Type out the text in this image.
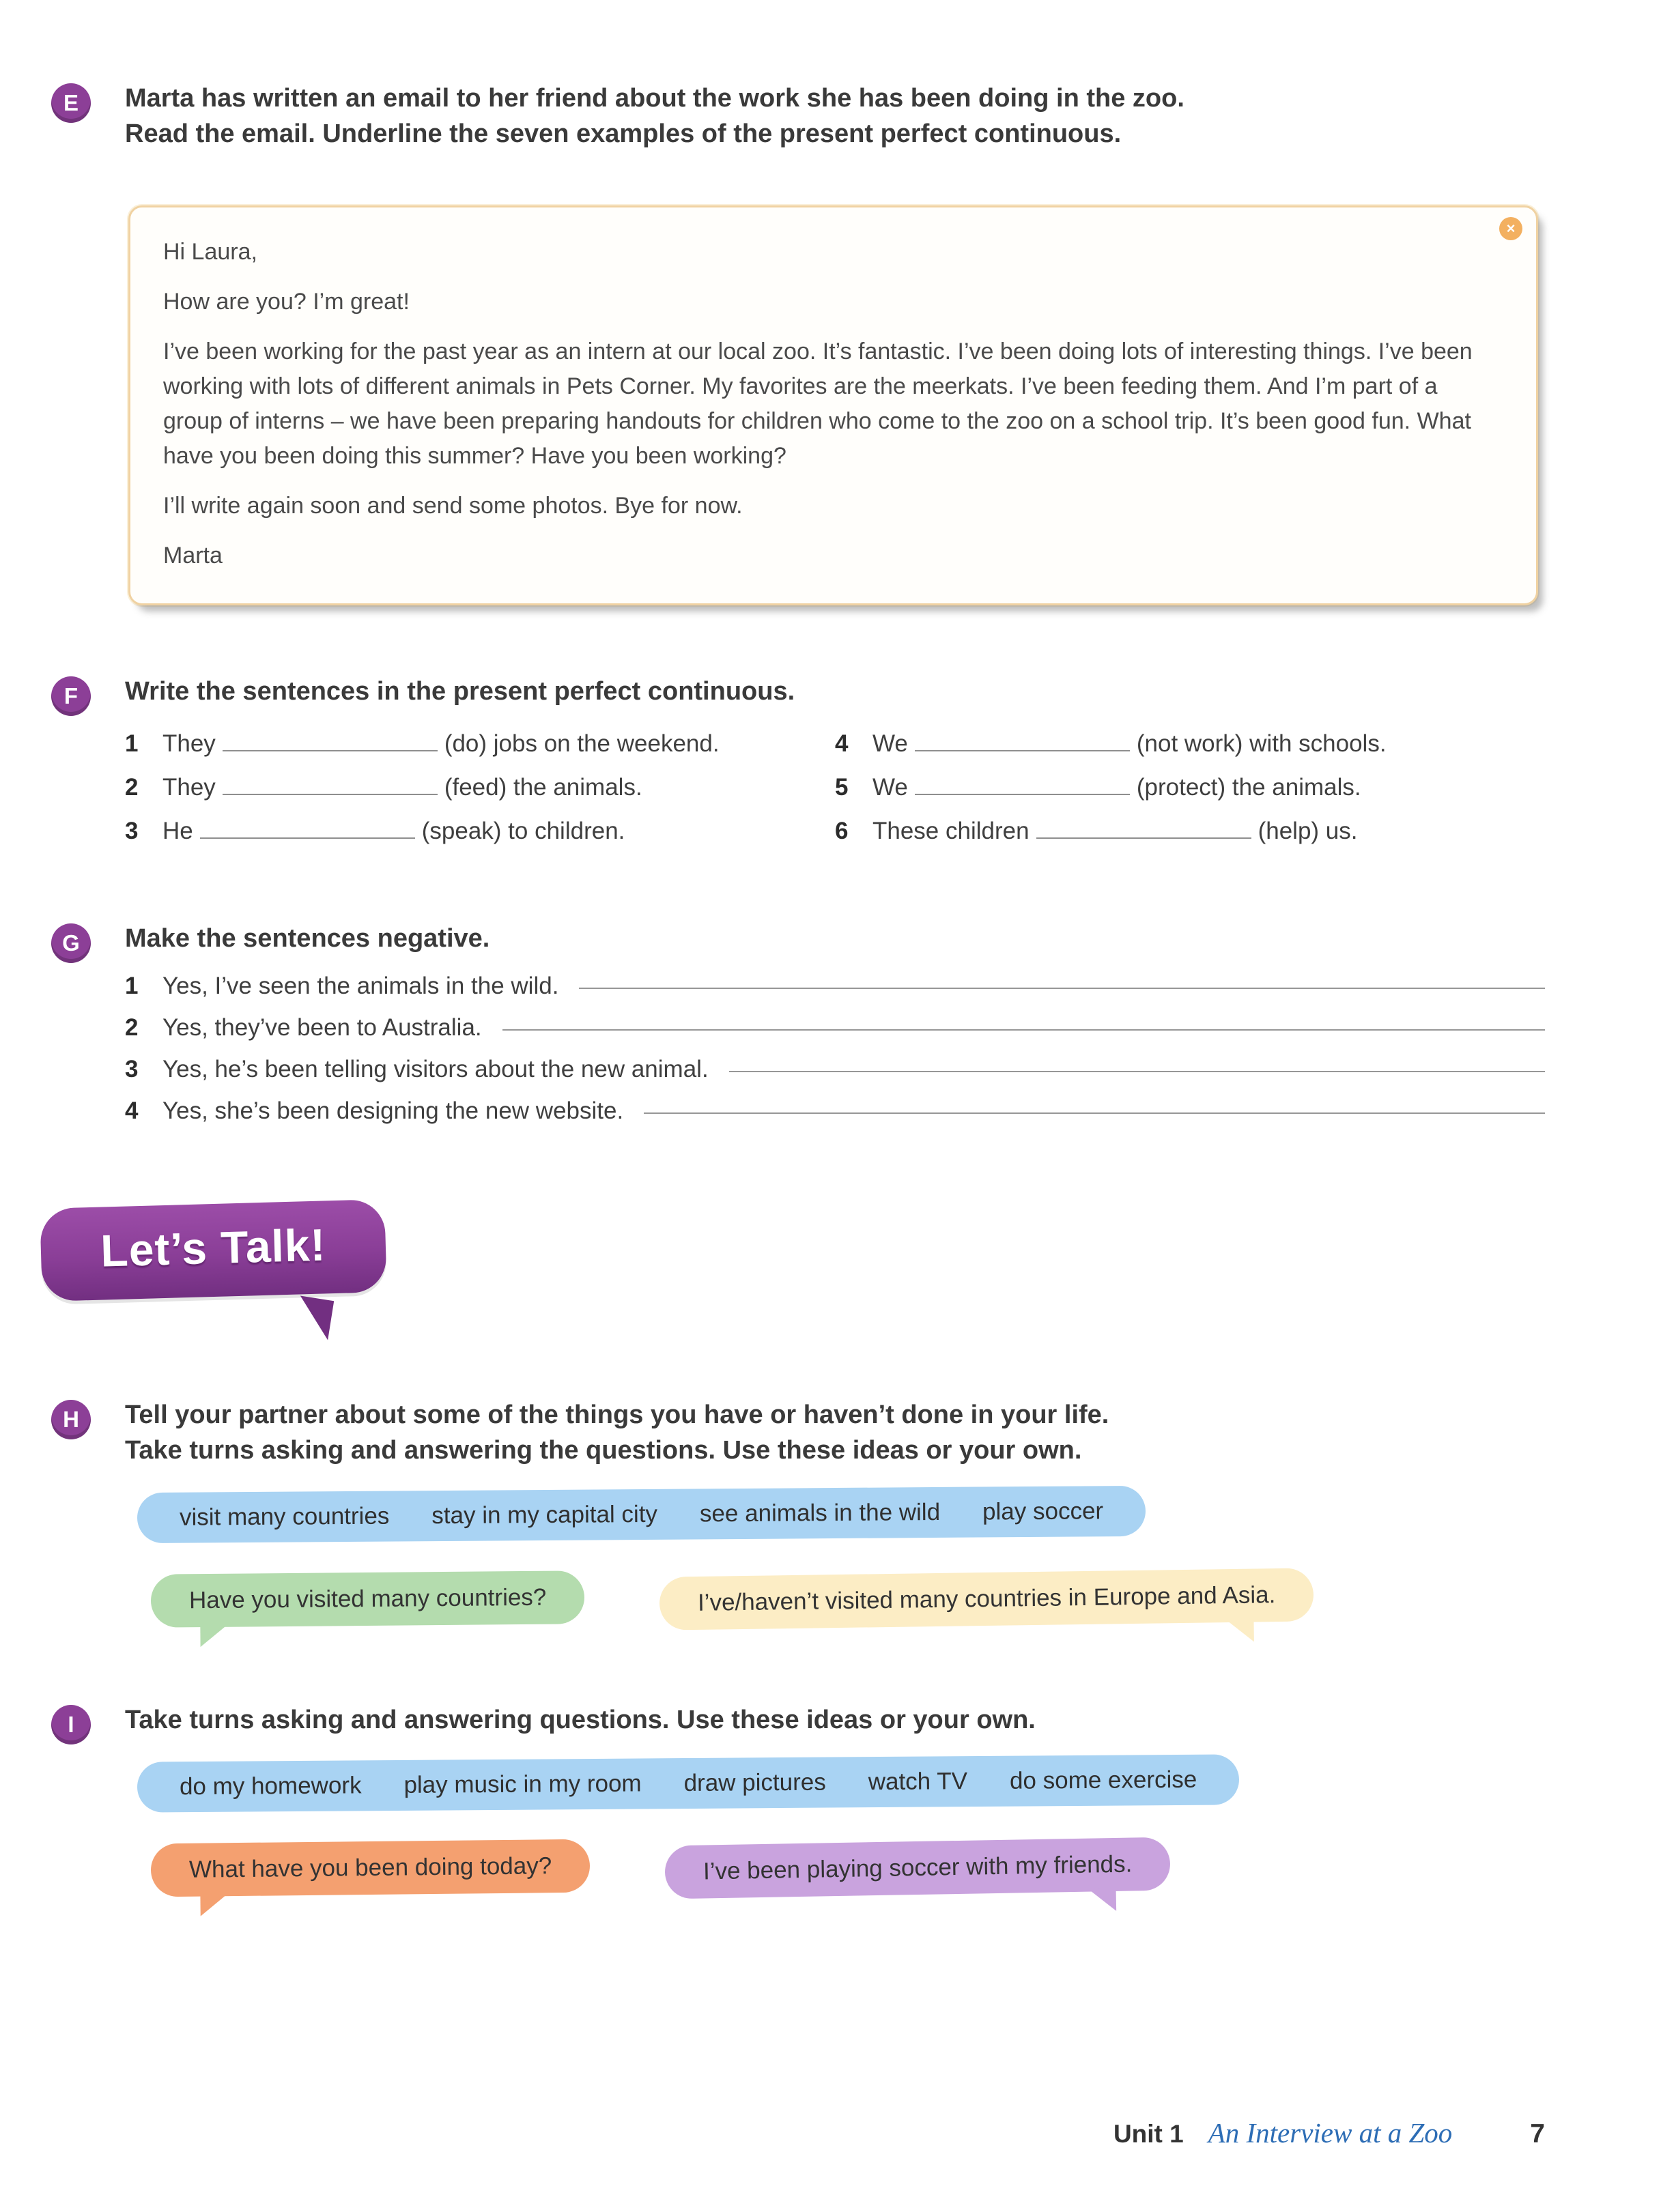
E	Marta has written an email to her friend about the work she has been doing in the zoo.
Read the email. Underline the seven examples of the present perfect continuous.

×

Hi Laura,

How are you? I’m great!

I’ve been working for the past year as an intern at our local zoo. It’s fantastic. I’ve been doing lots of interesting things. I’ve been working with lots of different animals in Pets Corner. My favorites are the meerkats. I’ve been feeding them. And I’m part of a group of interns – we have been preparing handouts for children who come to the zoo on a school trip. It’s been good fun. What have you been doing this summer? Have you been working?

I’ll write again soon and send some photos. Bye for now.

Marta

F	Write the sentences in the present perfect continuous.

1	They	(do) jobs on the weekend.
2	They	(feed) the animals.
3	He	(speak) to children.
4	We	(not work) with schools.
5	We	(protect) the animals.
6	These children	(help) us.
G	Make the sentences negative.

1	Yes, I’ve seen the animals in the wild.
2	Yes, they’ve been to Australia.
3	Yes, he’s been telling visitors about the new animal.
4	Yes, she’s been designing the new website.
Let’s Talk!
H	Tell your partner about some of the things you have or haven’t done in your life.
Take turns asking and answering the questions. Use these ideas or your own.

visit many countries stay in my capital city see animals in the wild play soccer
Have you visited many countries?	I’ve/haven’t visited many countries in Europe and Asia.
I	Take turns asking and answering questions. Use these ideas or your own.

do my homework play music in my room draw pictures watch TV do some exercise
What have you been doing today?	I’ve been playing soccer with my friends.
Unit 1 An Interview at a Zoo	7
